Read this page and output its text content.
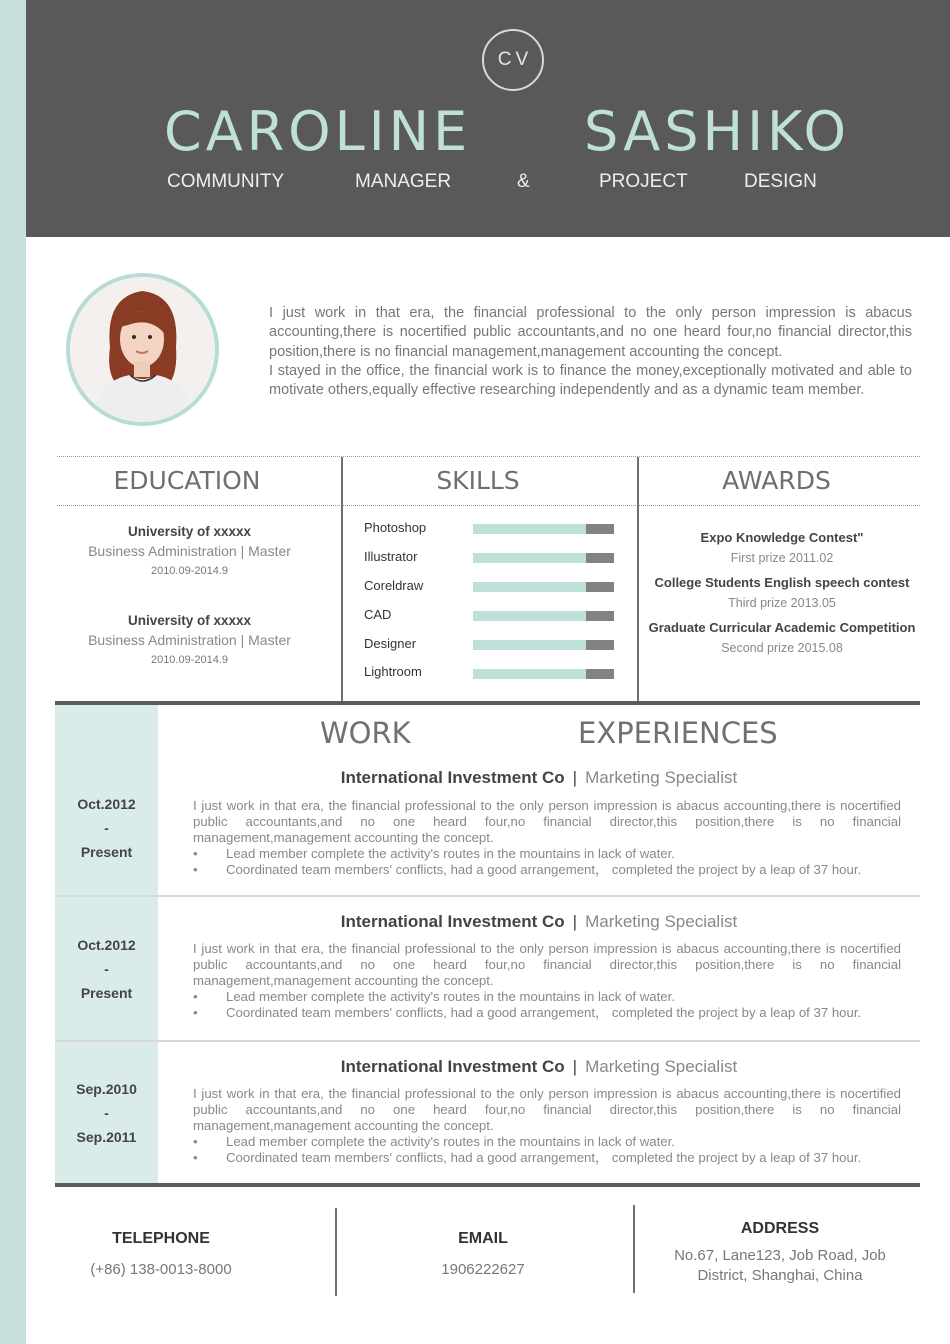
CV
CAROLINE SASHIKO
COMMUNITY	MANAGER	&	PROJECT	DESIGN
I just work in that era, the financial professional to the only person impression is abacus accounting,there is nocertified public accountants,and no one heard four,no financial director,this position,there is no financial management,management accounting the concept.
I stayed in the office, the financial work is to finance the money,exceptionally motivated and able to motivate others,equally effective researching independently and as a dynamic team member.
EDUCATION	SKILLS	AWARDS
University of xxxxx
Business Administration | Master
2010.09-2014.9
University of xxxxx
Business Administration | Master
2010.09-2014.9
Photoshop
Illustrator
Coreldraw
CAD
Designer
Lightroom
Expo Knowledge Contest"
First prize 2011.02
College Students English speech contest
Third prize 2013.05
Graduate Curricular Academic Competition
Second prize 2015.08
WORK	EXPERIENCES
Oct.2012
-
Present
International Investment Co | Marketing Specialist
I just work in that era, the financial professional to the only person impression is abacus accounting,there is nocertified public accountants,and no one heard four,no financial director,this position,there is no financial management,management accounting the concept.
• Lead member complete the activity's routes in the mountains in lack of water.
• Coordinated team members' conflicts, had a good arrangement， completed the project by a leap of 37 hour.
Oct.2012
-
Present
International Investment Co | Marketing Specialist
I just work in that era, the financial professional to the only person impression is abacus accounting,there is nocertified public accountants,and no one heard four,no financial director,this position,there is no financial management,management accounting the concept.
• Lead member complete the activity's routes in the mountains in lack of water.
• Coordinated team members' conflicts, had a good arrangement， completed the project by a leap of 37 hour.
Sep.2010
-
Sep.2011
International Investment Co | Marketing Specialist
I just work in that era, the financial professional to the only person impression is abacus accounting,there is nocertified public accountants,and no one heard four,no financial director,this position,there is no financial management,management accounting the concept.
• Lead member complete the activity's routes in the mountains in lack of water.
• Coordinated team members' conflicts, had a good arrangement， completed the project by a leap of 37 hour.
TELEPHONE
(+86) 138-0013-8000
EMAIL
1906222627
ADDRESS
No.67, Lane123, Job Road, Job
District, Shanghai, China
